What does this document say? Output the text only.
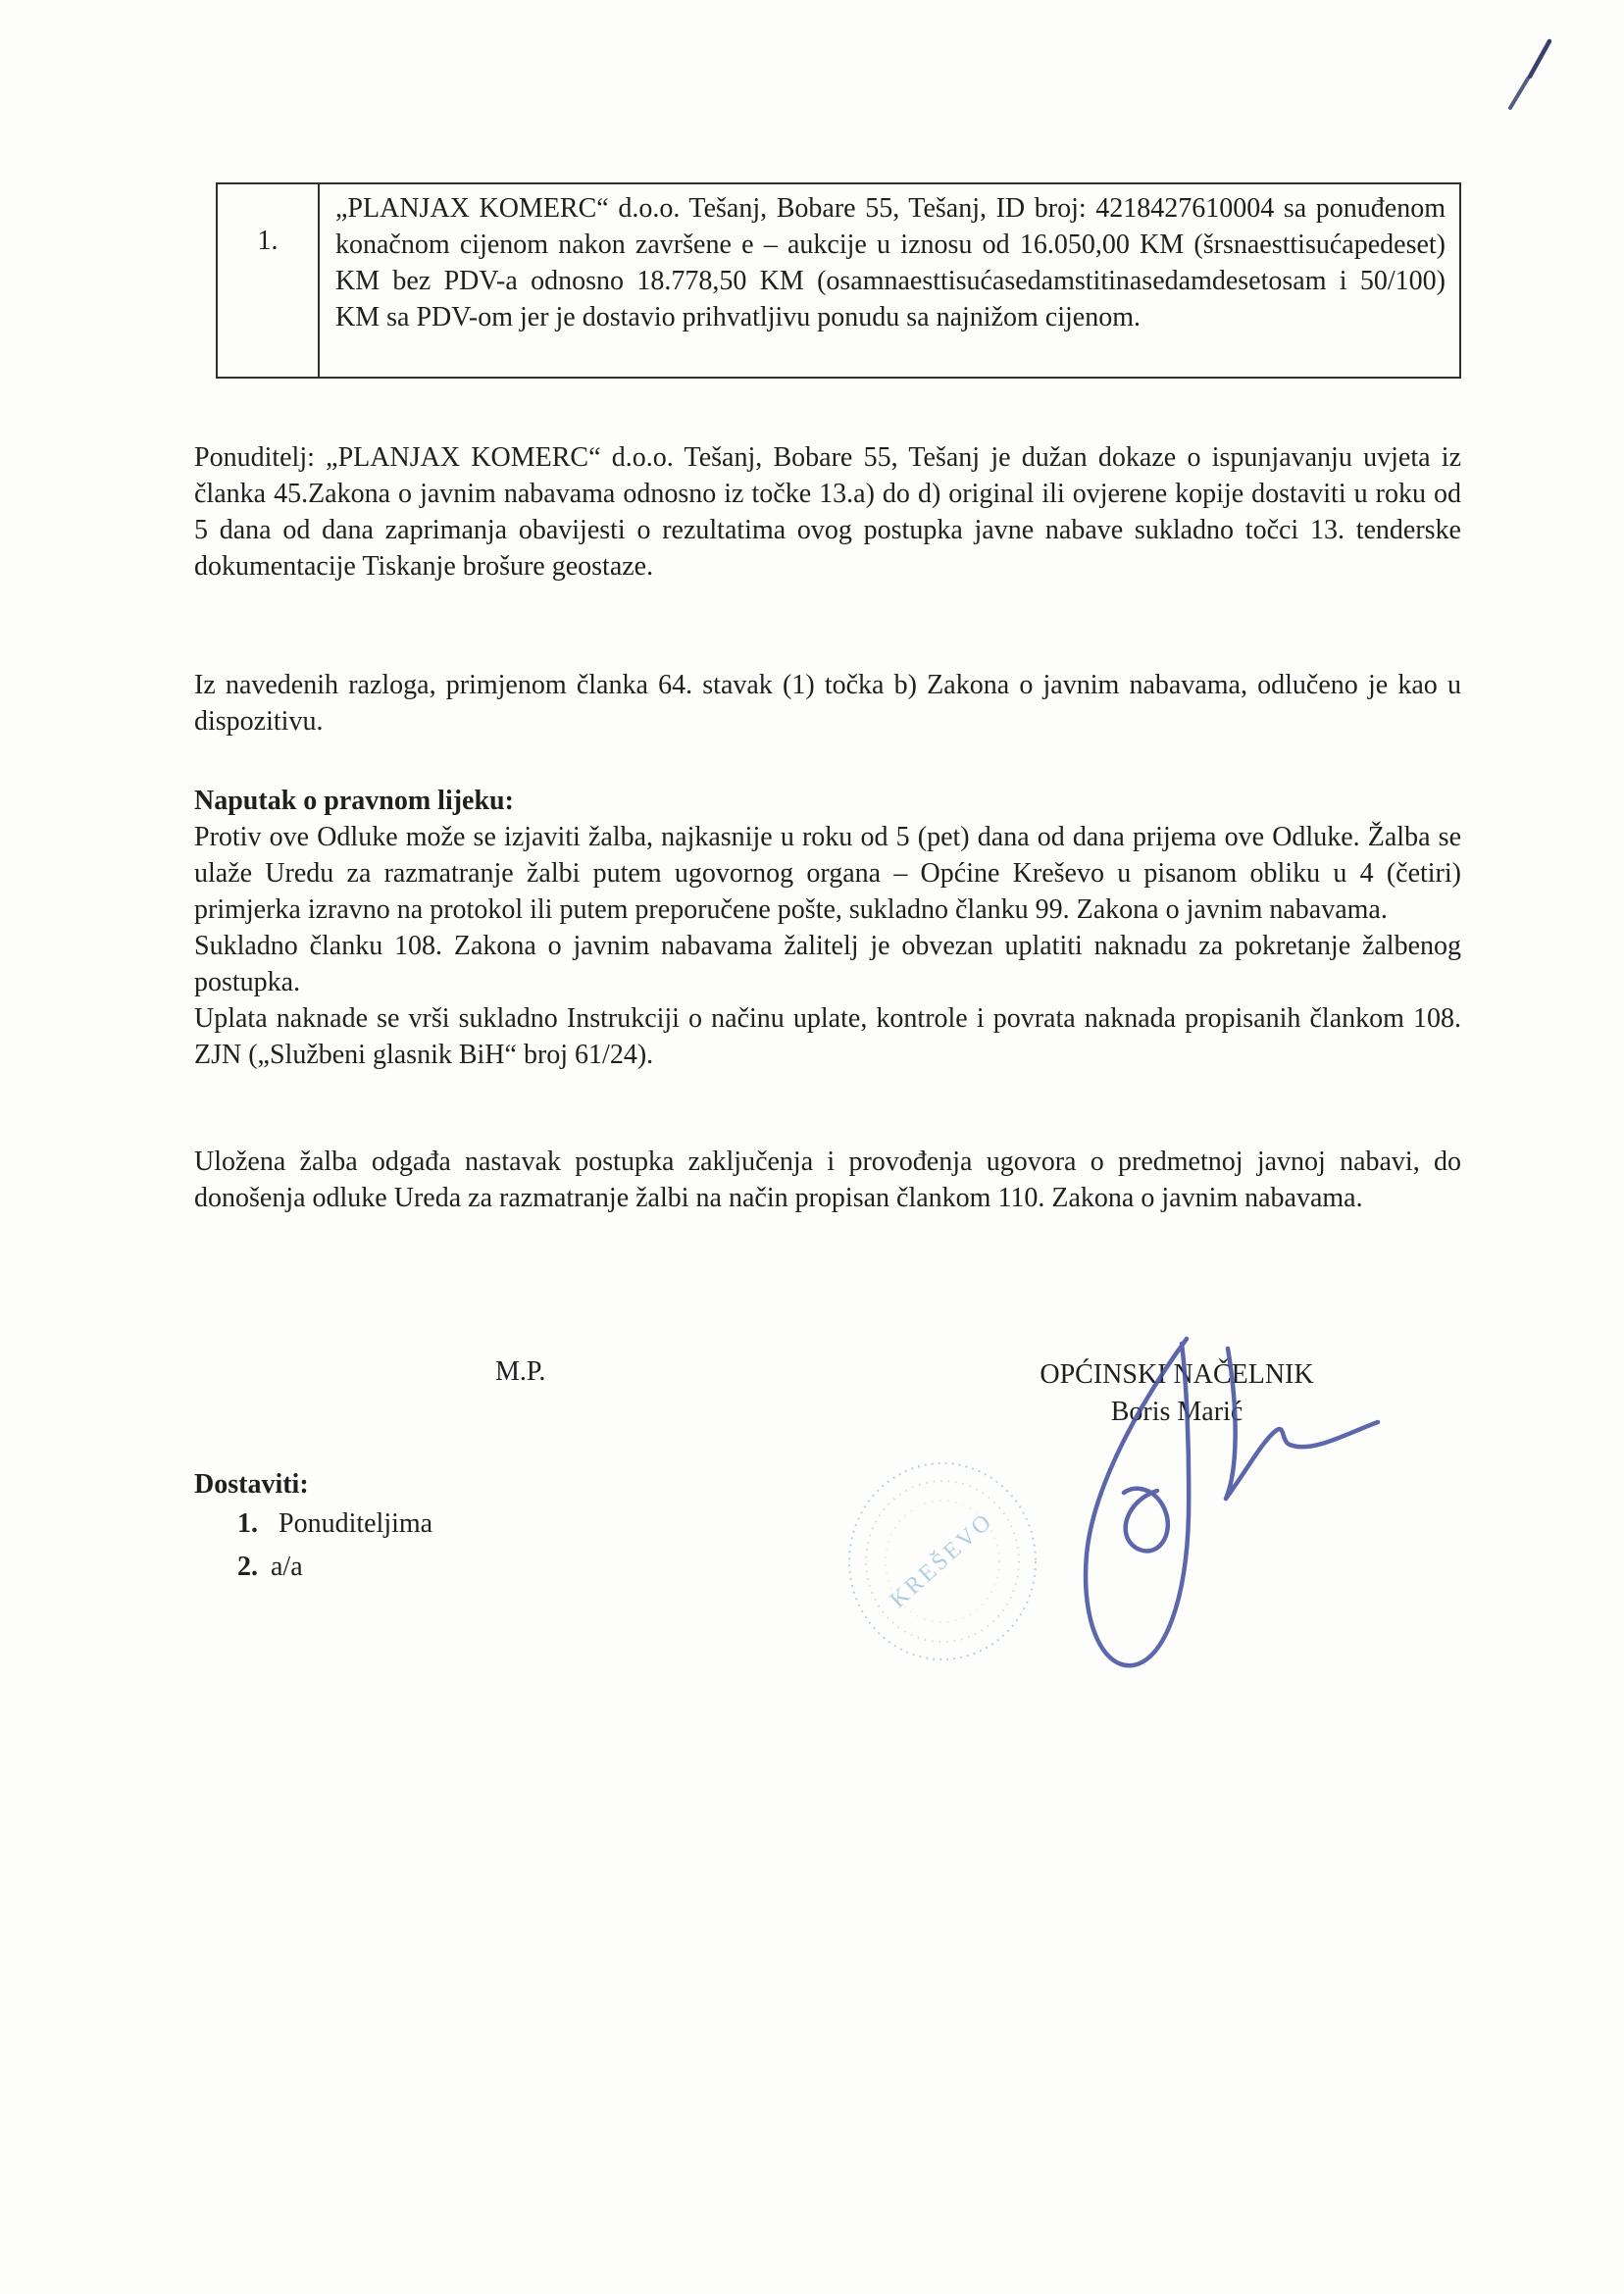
1.	„PLANJAX KOMERC“ d.o.o. Tešanj, Bobare 55, Tešanj, ID broj: 4218427610004 sa ponuđenom konačnom cijenom nakon završene e – aukcije u iznosu od 16.050,00 KM (šrsnaesttisućapedeset) KM bez PDV-a odnosno 18.778,50 KM (osamnaesttisućasedamstitinasedamdesetosam i 50/100) KM sa PDV-om jer je dostavio prihvatljivu ponudu sa najnižom cijenom.
Ponuditelj: „PLANJAX KOMERC“ d.o.o. Tešanj, Bobare 55, Tešanj je dužan dokaze o ispunjavanju uvjeta iz članka 45.Zakona o javnim nabavama odnosno iz točke 13.a) do d) original ili ovjerene kopije dostaviti u roku od 5 dana od dana zaprimanja obavijesti o rezultatima ovog postupka javne nabave sukladno točci 13. tenderske dokumentacije Tiskanje brošure geostaze.
Iz navedenih razloga, primjenom članka 64. stavak (1) točka b) Zakona o javnim nabavama, odlučeno je kao u dispozitivu.
Naputak o pravnom lijeku:
Protiv ove Odluke može se izjaviti žalba, najkasnije u roku od 5 (pet) dana od dana prijema ove Odluke. Žalba se ulaže Uredu za razmatranje žalbi putem ugovornog organa – Općine Kreševo u pisanom obliku u 4 (četiri) primjerka izravno na protokol ili putem preporučene pošte, sukladno članku 99. Zakona o javnim nabavama.
Sukladno članku 108. Zakona o javnim nabavama žalitelj je obvezan uplatiti naknadu za pokretanje žalbenog postupka.
Uplata naknade se vrši sukladno Instrukciji o načinu uplate, kontrole i povrata naknada propisanih člankom 108. ZJN („Službeni glasnik BiH“ broj 61/24).
Uložena žalba odgađa nastavak postupka zaključenja i provođenja ugovora o predmetnoj javnoj nabavi, do donošenja odluke Ureda za razmatranje žalbi na način propisan člankom 110. Zakona o javnim nabavama.
M.P.	OPĆINSKI NAČELNIK
Boris Marić
KREŠEVO
Dostaviti:
1. Ponuditeljima
2. a/a
